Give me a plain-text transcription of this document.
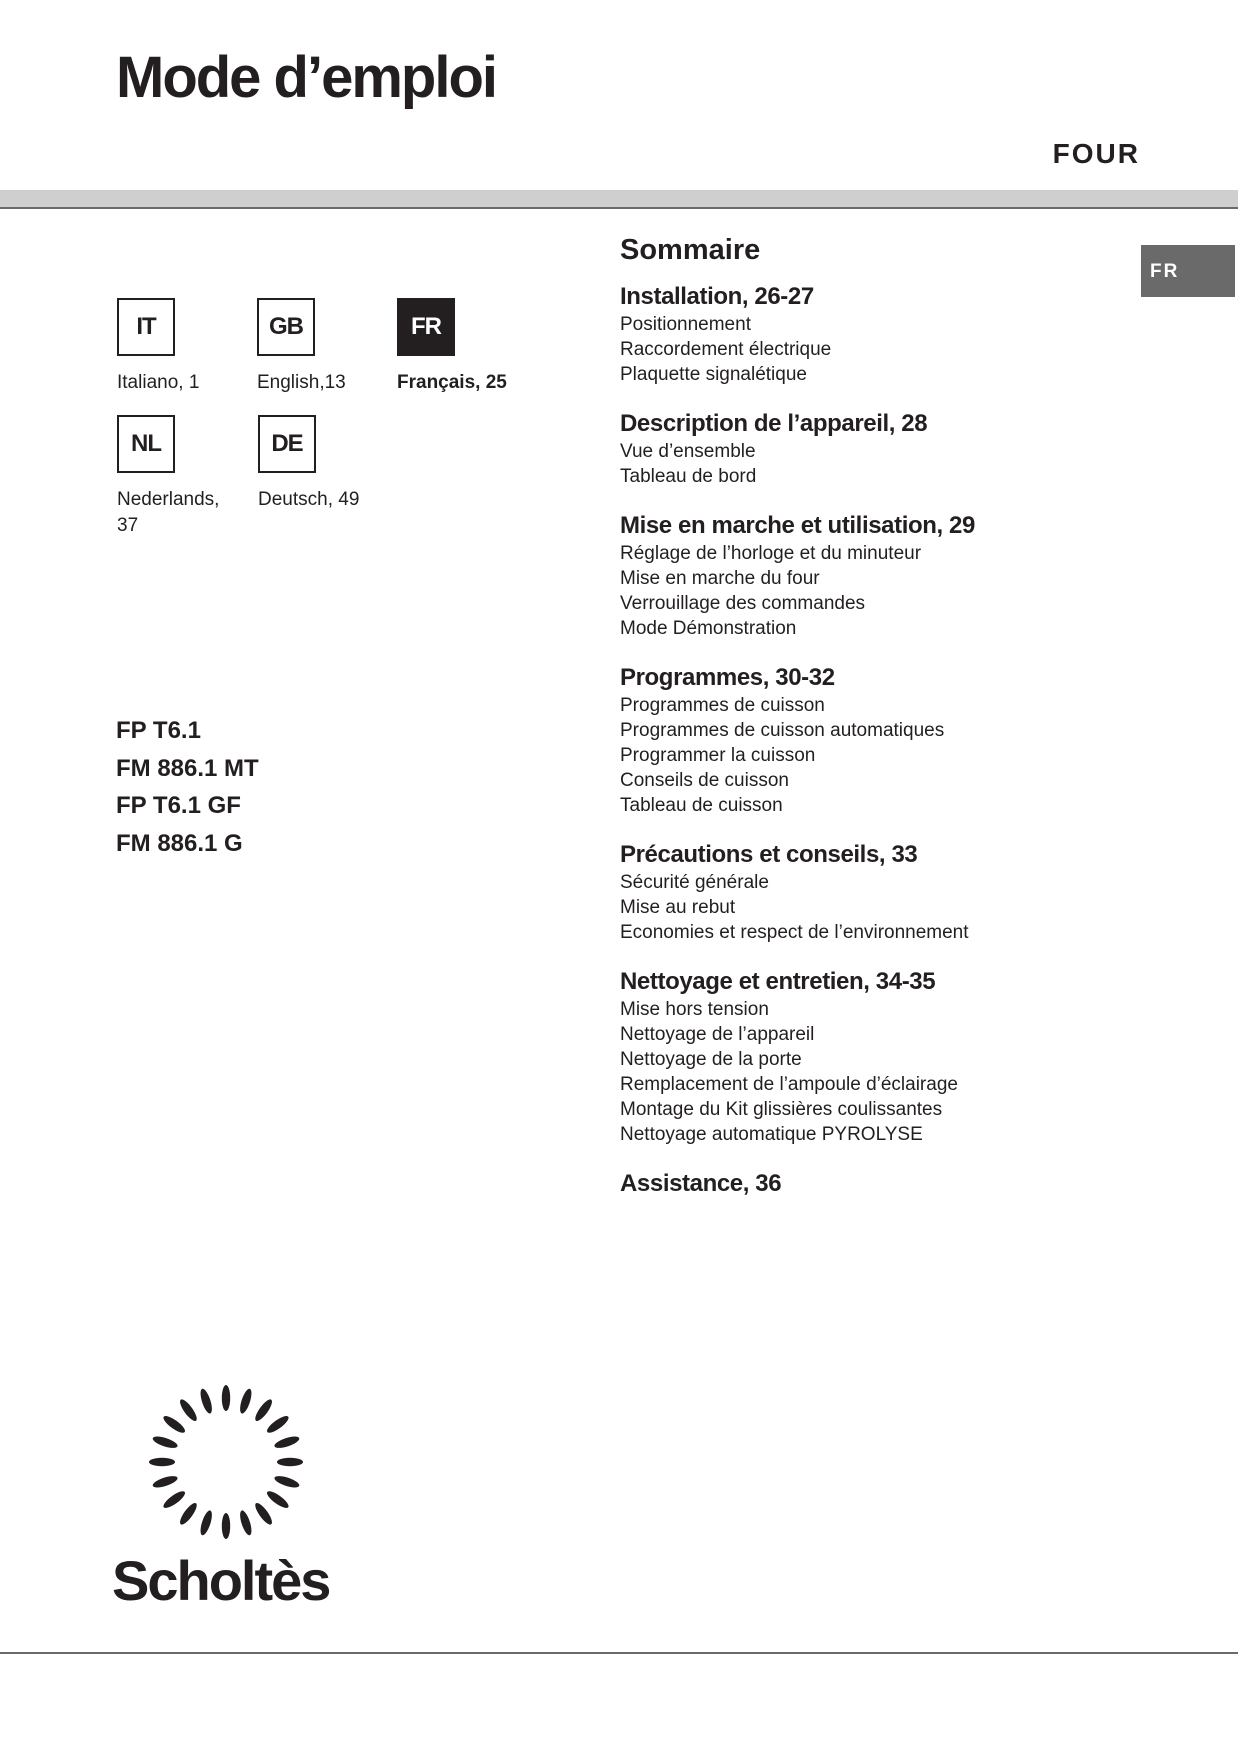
Mode d’emploi
FOUR
FR
IT
Italiano, 1
GB
English,13
FR
Français, 25
NL
Nederlands, 37
DE
Deutsch, 49
FP T6.1
FM 886.1 MT
FP T6.1 GF
FM 886.1 G
Sommaire
Installation, 26-27
Positionnement
Raccordement électrique
Plaquette signalétique
Description de l’appareil, 28
Vue d’ensemble
Tableau de bord
Mise en marche et utilisation, 29
Réglage de l’horloge et du minuteur
Mise en marche du four
Verrouillage des commandes
Mode Démonstration
Programmes, 30-32
Programmes de cuisson
Programmes de cuisson automatiques
Programmer la cuisson
Conseils de cuisson
Tableau de cuisson
Précautions et conseils, 33
Sécurité générale
Mise au rebut
Economies et respect de l’environnement
Nettoyage et entretien, 34-35
Mise hors tension
Nettoyage de l’appareil
Nettoyage de la porte
Remplacement de l’ampoule d’éclairage
Montage du Kit glissières coulissantes
Nettoyage automatique PYROLYSE
Assistance, 36
Scholtès
